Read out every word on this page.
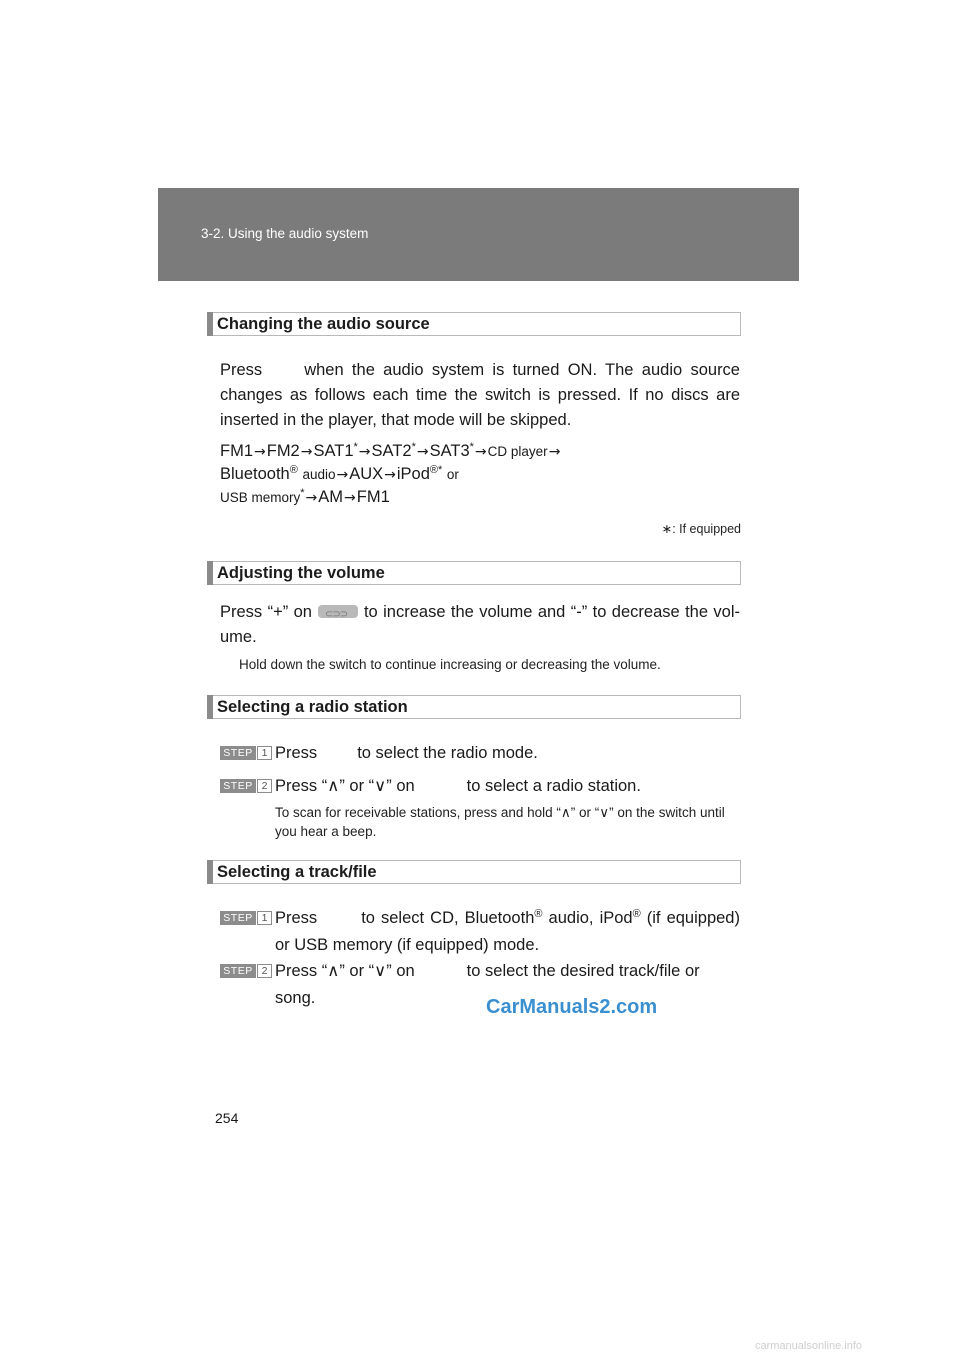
3-2. Using the audio system
Changing the audio source
Press	when the audio system is turned ON. The audio source changes as follows each time the switch is pressed. If no discs are inserted in the player, that mode will be skipped.
FM1→FM2→SAT1*→SAT2*→SAT3*→CD player→
Bluetooth® audio→AUX→iPod®* or
USB memory*→AM→FM1
∗: If equipped
Adjusting the volume
Press “+” on⊂⊃⊃	to increase the volume and “-” to decrease the vol-ume.
Hold down the switch to continue increasing or decreasing the volume.
Selecting a radio station
STEP 1 Press to select the radio mode.
STEP 2 Press “∧” or “∨” on	to select a radio station.
To scan for receivable stations, press and hold “∧” or “∨” on the switch until you hear a beep.
Selecting a track/file
STEP 1 Press	to select CD, Bluetooth® audio, iPod® (if equipped) or USB memory (if equipped) mode.
STEP 2 Press “∧” or “∨” on	to select the desired track/file or song.	CarManuals2.com
254
carmanualsonline.info
